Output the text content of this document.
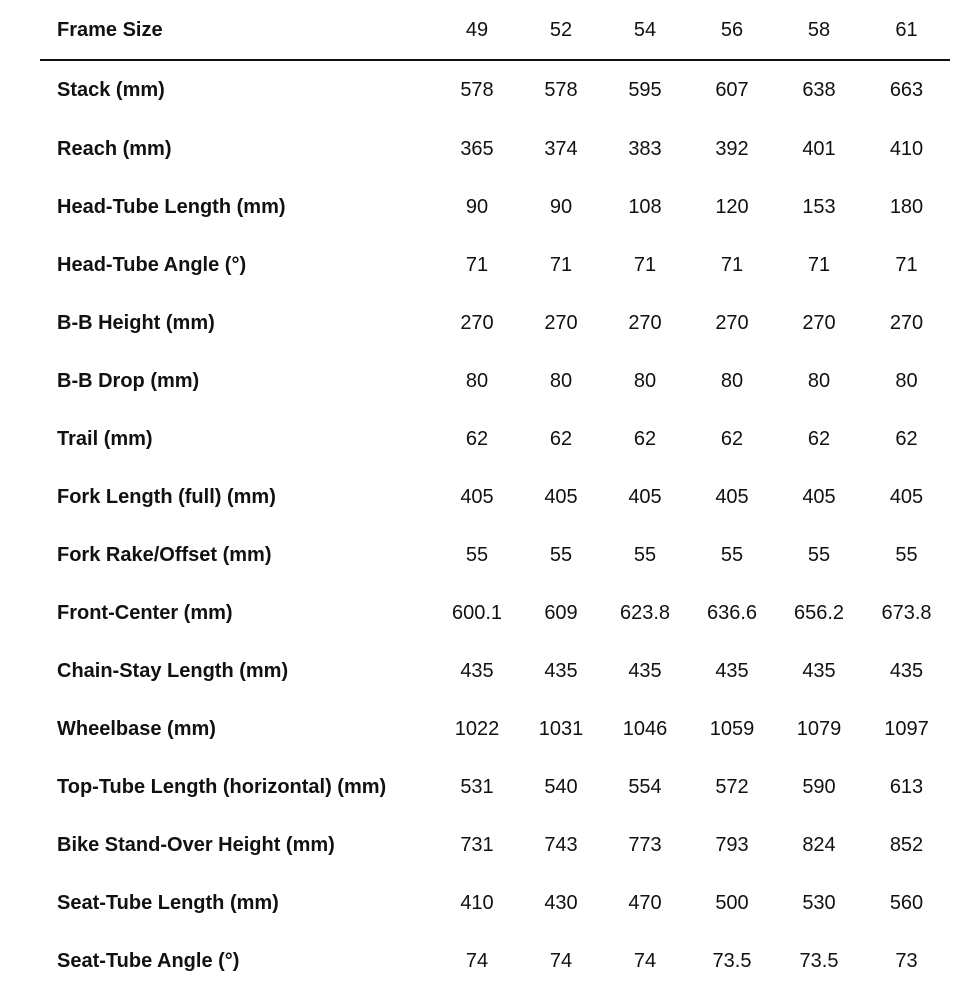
Frame Size	49	52	54	56	58	61
Stack (mm)	578	578	595	607	638	663
Reach (mm)	365	374	383	392	401	410
Head-Tube Length (mm)	90	90	108	120	153	180
Head-Tube Angle (°)	71	71	71	71	71	71
B-B Height (mm)	270	270	270	270	270	270
B-B Drop (mm)	80	80	80	80	80	80
Trail (mm)	62	62	62	62	62	62
Fork Length (full) (mm)	405	405	405	405	405	405
Fork Rake/Offset (mm)	55	55	55	55	55	55
Front-Center (mm)	600.1	609	623.8	636.6	656.2	673.8
Chain-Stay Length (mm)	435	435	435	435	435	435
Wheelbase (mm)	1022	1031	1046	1059	1079	1097
Top-Tube Length (horizontal) (mm)	531	540	554	572	590	613
Bike Stand-Over Height (mm)	731	743	773	793	824	852
Seat-Tube Length (mm)	410	430	470	500	530	560
Seat-Tube Angle (°)	74	74	74	73.5	73.5	73
